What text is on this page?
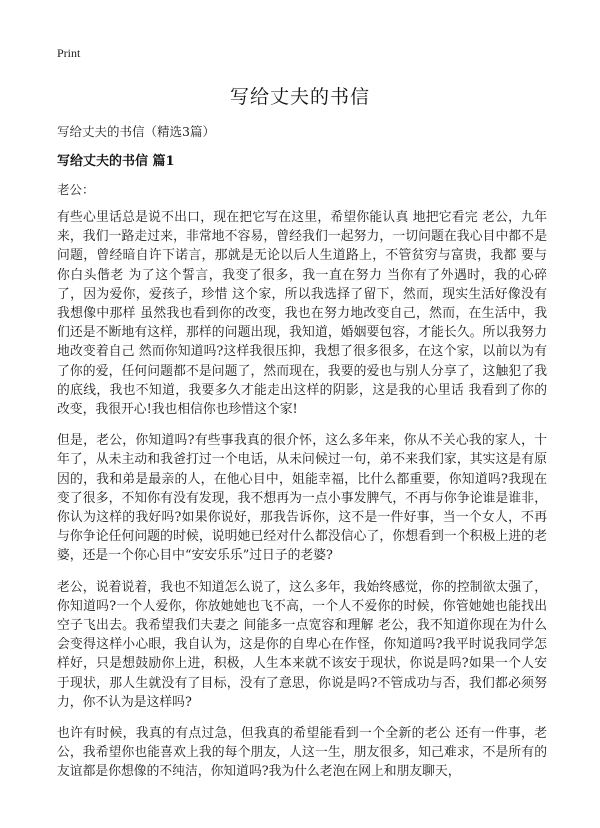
Print
写给丈夫的书信
写给丈夫的书信（精选3篇）
写给丈夫的书信 篇1
老公：

有些心里话总是说不出口，现在把它写在这里，希望你能认真 地把它看完 老公，九年来，我们一路走过来，非常地不容易，曾经我们一起努力，一切问题在我心目中都不是问题，曾经暗自许下诺言，那就是无论以后人生道路上，不管贫穷与富贵，我都 要与你白头偕老 为了这个誓言，我变了很多，我一直在努力 当你有了外遇时，我的心碎了，因为爱你，爱孩子，珍惜 这个家，所以我选择了留下，然而，现实生活好像没有我想像中那样 虽然我也看到你的改变，我也在努力地改变自己，然而，在生活中，我们还是不断地有这样，那样的问题出现，我知道，婚姻要包容，才能长久。所以我努力地改变着自己 然而你知道吗?这样我很压抑，我想了很多很多，在这个家，以前以为有了你的爱，任何问题都不是问题了，然而现在，我要的爱也与别人分享了，这触犯了我的底线，我也不知道，我要多久才能走出这样的阴影，这是我的心里话 我看到了你的改变，我很开心!我也相信你也珍惜这个家!

但是，老公，你知道吗?有些事我真的很介怀，这么多年来，你从不关心我的家人，十年了，从未主动和我爸打过一个电话，从未问候过一句，弟不来我们家，其实这是有原因的，我和弟是最亲的人，在他心目中，姐能幸福，比什么都重要，你知道吗?我现在变了很多，不知你有没有发现，我不想再为一点小事发脾气，不再与你争论谁是谁非，你认为这样的我好吗?如果你说好，那我告诉你，这不是一件好事，当一个女人，不再与你争论任何问题的时候，说明她已经对什么都没信心了，你想看到一个积极上进的老婆，还是一个你心目中“安安乐乐”过日子的老婆?

老公，说着说着，我也不知道怎么说了，这么多年，我始终感觉，你的控制欲太强了，你知道吗?一个人爱你，你放她她也飞不高，一个人不爱你的时候，你管她她也能找出空子飞出去。我希望我们夫妻之 间能多一点宽容和理解 老公，我不知道你现在为什么会变得这样小心眼，我自认为，这是你的自卑心在作怪，你知道吗?我平时说我同学怎样好，只是想鼓励你上进，积极，人生本来就不该安于现状，你说是吗?如果一个人安于现状，那人生就没有了目标，没有了意思，你说是吗?不管成功与否，我们都必须努力，你不认为是这样吗?

也许有时候，我真的有点过急，但我真的希望能看到一个全新的老公 还有一件事，老公，我希望你也能喜欢上我的每个朋友，人这一生，朋友很多，知己难求，不是所有的友谊都是你想像的不纯洁，你知道吗?我为什么老泡在网上和朋友聊天，
